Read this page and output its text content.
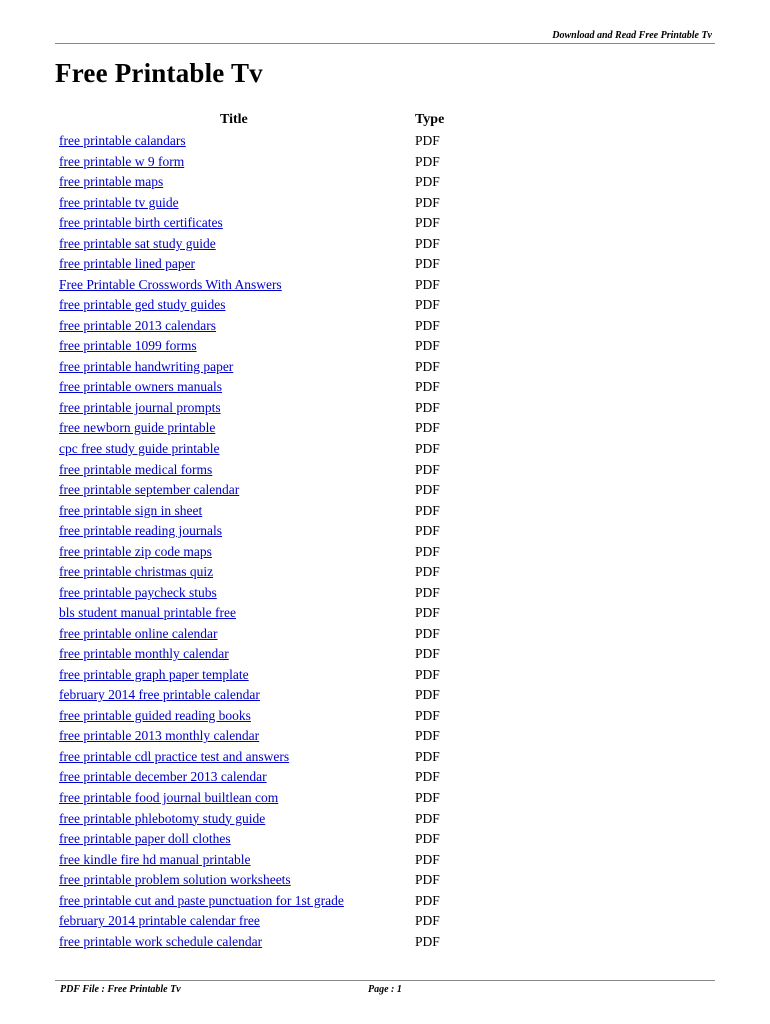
Download and Read Free Printable Tv
Free Printable Tv
Title	Type
free printable calandars	PDF
free printable w 9 form	PDF
free printable maps	PDF
free printable tv guide	PDF
free printable birth certificates	PDF
free printable sat study guide	PDF
free printable lined paper	PDF
Free Printable Crosswords With Answers	PDF
free printable ged study guides	PDF
free printable 2013 calendars	PDF
free printable 1099 forms	PDF
free printable handwriting paper	PDF
free printable owners manuals	PDF
free printable journal prompts	PDF
free newborn guide printable	PDF
cpc free study guide printable	PDF
free printable medical forms	PDF
free printable september calendar	PDF
free printable sign in sheet	PDF
free printable reading journals	PDF
free printable zip code maps	PDF
free printable christmas quiz	PDF
free printable paycheck stubs	PDF
bls student manual printable free	PDF
free printable online calendar	PDF
free printable monthly calendar	PDF
free printable graph paper template	PDF
february 2014 free printable calendar	PDF
free printable guided reading books	PDF
free printable 2013 monthly calendar	PDF
free printable cdl practice test and answers	PDF
free printable december 2013 calendar	PDF
free printable food journal builtlean com	PDF
free printable phlebotomy study guide	PDF
free printable paper doll clothes	PDF
free kindle fire hd manual printable	PDF
free printable problem solution worksheets	PDF
free printable cut and paste punctuation for 1st grade	PDF
february 2014 printable calendar free	PDF
free printable work schedule calendar	PDF
PDF File : Free Printable Tv	Page : 1
